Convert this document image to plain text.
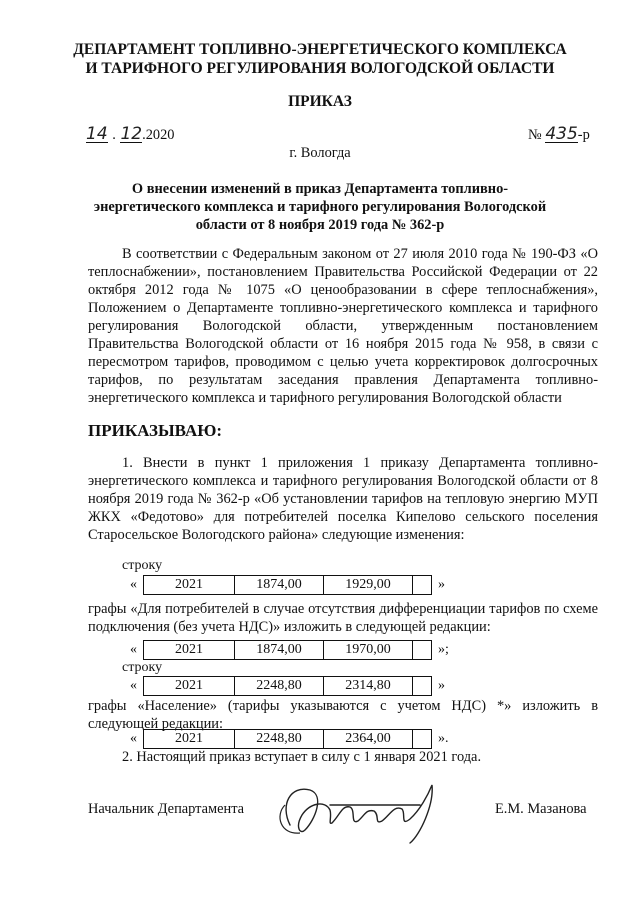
ДЕПАРТАМЕНТ ТОПЛИВНО-ЭНЕРГЕТИЧЕСКОГО КОМПЛЕКСА
И ТАРИФНОГО РЕГУЛИРОВАНИЯ ВОЛОГОДСКОЙ ОБЛАСТИ
ПРИКАЗ
14 . 12.2020	№ 435-р
г. Вологда
О внесении изменений в приказ Департамента топливно-
энергетического комплекса и тарифного регулирования Вологодской
области от 8 ноября 2019 года № 362-р
В соответствии с Федеральным законом от 27 июля 2010 года № 190-ФЗ «О теплоснабжении», постановлением Правительства Российской Федерации от 22 октября 2012 года № 1075 «О ценообразовании в сфере теплоснабжения», Положением о Департаменте топливно-энергетического комплекса и тарифного регулирования Вологодской области, утвержденным постановлением Правительства Вологодской области от 16 ноября 2015 года № 958, в связи с пересмотром тарифов, проводимом с целью учета корректировок долгосрочных тарифов, по результатам заседания правления Департамента топливно-энергетического комплекса и тарифного регулирования Вологодской области
ПРИКАЗЫВАЮ:
1. Внести в пункт 1 приложения 1 приказу Департамента топливно-энергетического комплекса и тарифного регулирования Вологодской области от 8 ноября 2019 года № 362-р «Об установлении тарифов на тепловую энергию МУП ЖКХ «Федотово» для потребителей поселка Кипелово сельского поселения Старосельское Вологодского района» следующие изменения:
строку
«	2021	1874,00	1929,00	»
графы «Для потребителей в случае отсутствия дифференциации тарифов по схеме подключения (без учета НДС)» изложить в следующей редакции:
«	2021	1874,00	1970,00	»;
строку
«	2021	2248,80	2314,80	»
графы «Население» (тарифы указываются с учетом НДС) *» изложить в следующей редакции:
«	2021	2248,80	2364,00	».
2. Настоящий приказ вступает в силу с 1 января 2021 года.
Начальник Департамента	Е.М. Мазанова
